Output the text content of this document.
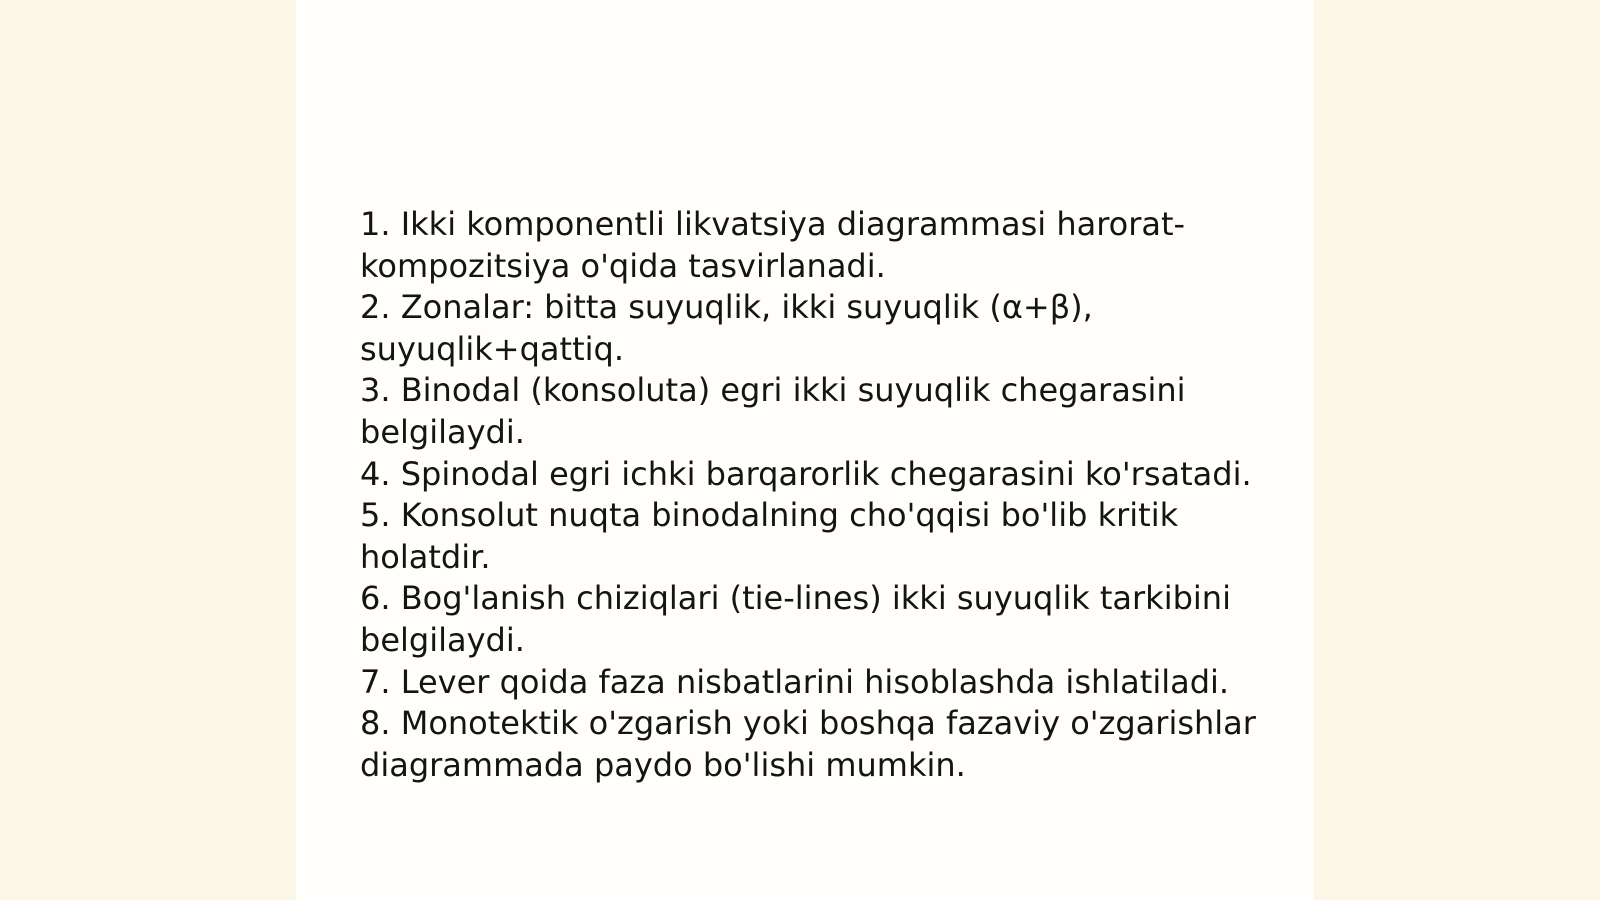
1. Ikki komponentli likvatsiya diagrammasi harorat-kompozitsiya o'qida tasvirlanadi.

2. Zonalar: bitta suyuqlik, ikki suyuqlik (α+β), suyuqlik+qattiq.

3. Binodal (konsoluta) egri ikki suyuqlik chegarasini belgilaydi.

4. Spinodal egri ichki barqarorlik chegarasini ko'rsatadi.

5. Konsolut nuqta binodalning cho'qqisi bo'lib kritik holatdir.

6. Bog'lanish chiziqlari (tie-lines) ikki suyuqlik tarkibini belgilaydi.

7. Lever qoida faza nisbatlarini hisoblashda ishlatiladi.

8. Monotektik o'zgarish yoki boshqa fazaviy o'zgarishlar diagrammada paydo bo'lishi mumkin.
